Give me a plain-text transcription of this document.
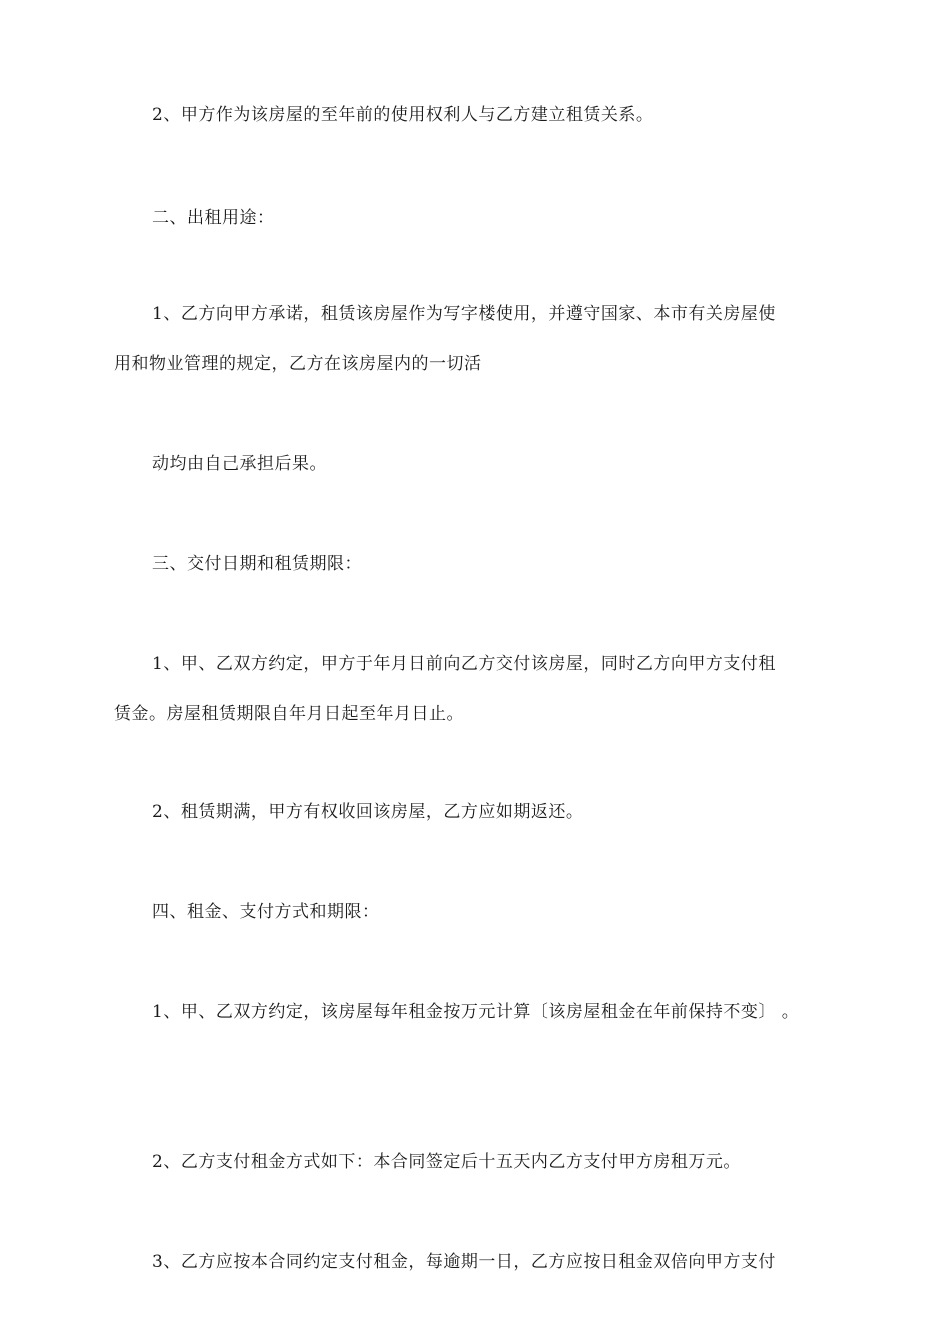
2、甲方作为该房屋的至年前的使用权利人与乙方建立租赁关系。
二、出租用途：
1、乙方向甲方承诺，租赁该房屋作为写字楼使用，并遵守国家、本市有关房屋使
用和物业管理的规定，乙方在该房屋内的一切活
动均由自己承担后果。
三、交付日期和租赁期限：
1、甲、乙双方约定，甲方于年月日前向乙方交付该房屋，同时乙方向甲方支付租
赁金。房屋租赁期限自年月日起至年月日止。
2、租赁期满，甲方有权收回该房屋，乙方应如期返还。
四、租金、支付方式和期限：
1、甲、乙双方约定，该房屋每年租金按万元计算〔该房屋租金在年前保持不变〕 。
2、乙方支付租金方式如下：本合同签定后十五天内乙方支付甲方房租万元。
3、乙方应按本合同约定支付租金，每逾期一日，乙方应按日租金双倍向甲方支付
